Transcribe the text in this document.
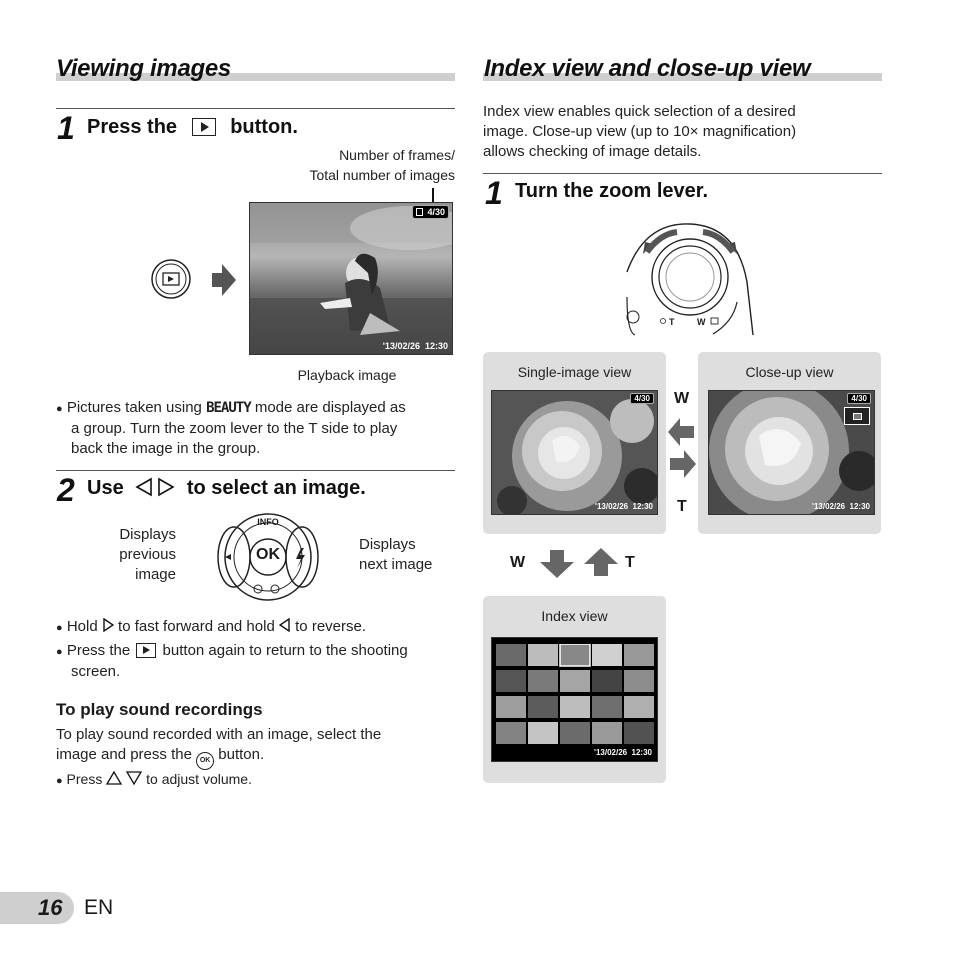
Viewing images
1 Press the	button.
Number of frames/
Total number of images
4/30
'13/02/26  12:30
Playback image
● Pictures taken using BEAUTY mode are displayed as
a group. Turn the zoom lever to the T side to play
back the image in the group.
2 Use	to select an image.
Displays
previous
image
INFO
OK
Displays
next image
● Hold to fast forward and hold to reverse.
● Press the button again to return to the shooting
screen.
To play sound recordings
To play sound recorded with an image, select the
image and press the OK button.
● Press	to adjust volume.
Index view and close-up view
Index view enables quick selection of a desired
image. Close-up view (up to 10× magnification)
allows checking of image details.
1 Turn the zoom lever.
T	W
Single-image view
4/30
'13/02/26  12:30
W
T
Close-up view
4/30
'13/02/26  12:30
W	T
Index view
'13/02/26  12:30
16 EN
